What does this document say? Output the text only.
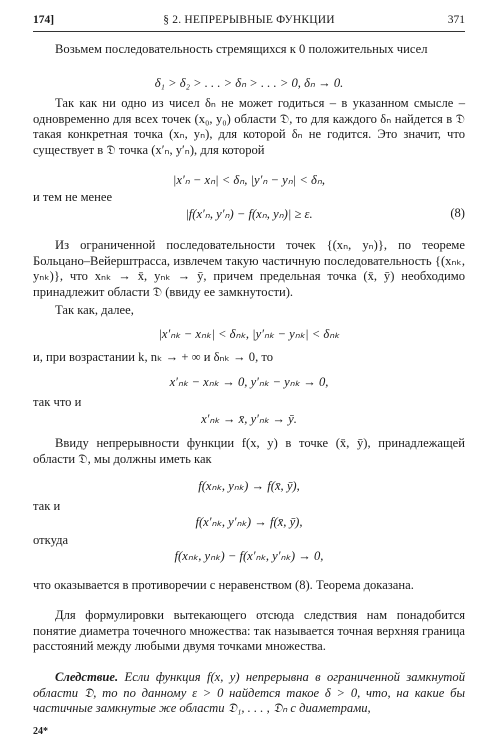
174]	§ 2. НЕПРЕРЫВНЫЕ ФУНКЦИИ	371
Возьмем последовательность стремящихся к 0 положительных чисел
δ₁ > δ₂ > . . . > δₙ > . . . > 0, δₙ → 0.
Так как ни одно из чисел δₙ не может годиться – в указанном смысле – одновременно для всех точек (x₀, y₀) области 𝔇, то для каждого δₙ найдется в 𝔇 такая конкретная точка (xₙ, yₙ), для которой δₙ не годится. Это значит, что существует в 𝔇 точка (x′ₙ, y′ₙ), для которой
|x′ₙ − xₙ| < δₙ, |y′ₙ − yₙ| < δₙ,
и тем не менее
|f(x′ₙ, y′ₙ) − f(xₙ, yₙ)| ≥ ε.	(8)
Из ограниченной последовательности точек {(xₙ, yₙ)}, по теореме Больцано–Вейерштрасса, извлечем такую частичную последовательность {(xₙₖ, yₙₖ)}, что xₙₖ → x̄, yₙₖ → ȳ, причем предельная точка (x̄, ȳ) необходимо принадлежит области 𝔇 (ввиду ее замкнутости).
Так как, далее,
|x′ₙₖ − xₙₖ| < δₙₖ, |y′ₙₖ − yₙₖ| < δₙₖ
и, при возрастании k, nₖ → + ∞ и δₙₖ → 0, то
x′ₙₖ − xₙₖ → 0, y′ₙₖ − yₙₖ → 0,
так что и
x′ₙₖ → x̄, y′ₙₖ → ȳ.
Ввиду непрерывности функции f(x, y) в точке (x̄, ȳ), принадлежащей области 𝔇, мы должны иметь как
f(xₙₖ, yₙₖ) → f(x̄, ȳ),
так и
f(x′ₙₖ, y′ₙₖ) → f(x̄, ȳ),
откуда
f(xₙₖ, yₙₖ) − f(x′ₙₖ, y′ₙₖ) → 0,
что оказывается в противоречии с неравенством (8). Теорема доказана.
Для формулировки вытекающего отсюда следствия нам понадобится понятие диаметра точечного множества: так называется точная верхняя граница расстояний между любыми двумя точками множества.
Следствие. Если функция f(x, y) непрерывна в ограниченной замкнутой области 𝔇, то по данному ε > 0 найдется такое δ > 0, что, на какие бы частичные замкнутые же области 𝔇₁, . . . , 𝔇ₙ с диаметрами,
24*
